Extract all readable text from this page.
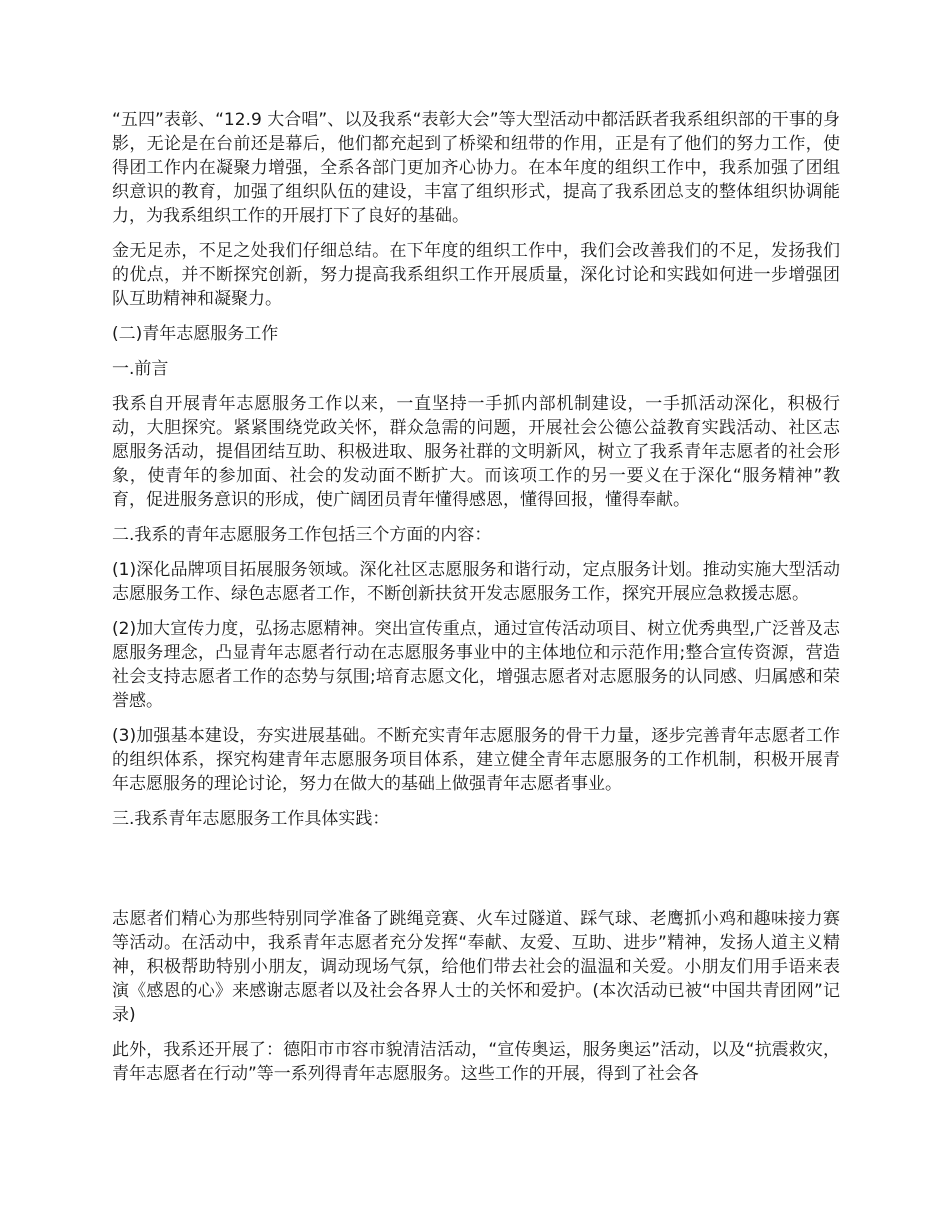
“五四”表彰、“12.9 大合唱”、以及我系“表彰大会”等大型活动中都活跃者我系组织部的干事的身影，无论是在台前还是幕后，他们都充起到了桥梁和纽带的作用，正是有了他们的努力工作，使得团工作内在凝聚力增强，全系各部门更加齐心协力。在本年度的组织工作中，我系加强了团组织意识的教育，加强了组织队伍的建设，丰富了组织形式，提高了我系团总支的整体组织协调能力，为我系组织工作的开展打下了良好的基础。

金无足赤，不足之处我们仔细总结。在下年度的组织工作中，我们会改善我们的不足，发扬我们的优点，并不断探究创新，努力提高我系组织工作开展质量，深化讨论和实践如何进一步增强团队互助精神和凝聚力。

(二)青年志愿服务工作

一.前言

我系自开展青年志愿服务工作以来，一直坚持一手抓内部机制建设，一手抓活动深化，积极行动，大胆探究。紧紧围绕党政关怀，群众急需的问题，开展社会公德公益教育实践活动、社区志愿服务活动，提倡团结互助、积极进取、服务社群的文明新风，树立了我系青年志愿者的社会形象，使青年的参加面、社会的发动面不断扩大。而该项工作的另一要义在于深化“服务精神”教育，促进服务意识的形成，使广阔团员青年懂得感恩，懂得回报，懂得奉献。

二.我系的青年志愿服务工作包括三个方面的内容：

(1)深化品牌项目拓展服务领域。深化社区志愿服务和谐行动，定点服务计划。推动实施大型活动志愿服务工作、绿色志愿者工作，不断创新扶贫开发志愿服务工作，探究开展应急救援志愿。

(2)加大宣传力度，弘扬志愿精神。突出宣传重点，通过宣传活动项目、树立优秀典型,广泛普及志愿服务理念，凸显青年志愿者行动在志愿服务事业中的主体地位和示范作用;整合宣传资源，营造社会支持志愿者工作的态势与氛围;培育志愿文化，增强志愿者对志愿服务的认同感、归属感和荣誉感。

(3)加强基本建设，夯实进展基础。不断充实青年志愿服务的骨干力量，逐步完善青年志愿者工作的组织体系，探究构建青年志愿服务项目体系，建立健全青年志愿服务的工作机制，积极开展青年志愿服务的理论讨论，努力在做大的基础上做强青年志愿者事业。

三.我系青年志愿服务工作具体实践：

志愿者们精心为那些特别同学准备了跳绳竞赛、火车过隧道、踩气球、老鹰抓小鸡和趣味接力赛等活动。在活动中，我系青年志愿者充分发挥“奉献、友爱、互助、进步”精神，发扬人道主义精神，积极帮助特别小朋友，调动现场气氛，给他们带去社会的温温和关爱。小朋友们用手语来表演《感恩的心》来感谢志愿者以及社会各界人士的关怀和爱护。(本次活动已被“中国共青团网”记录)

此外，我系还开展了：德阳市市容市貌清洁活动，“宣传奥运，服务奥运”活动，以及“抗震救灾，青年志愿者在行动”等一系列得青年志愿服务。这些工作的开展，得到了社会各
